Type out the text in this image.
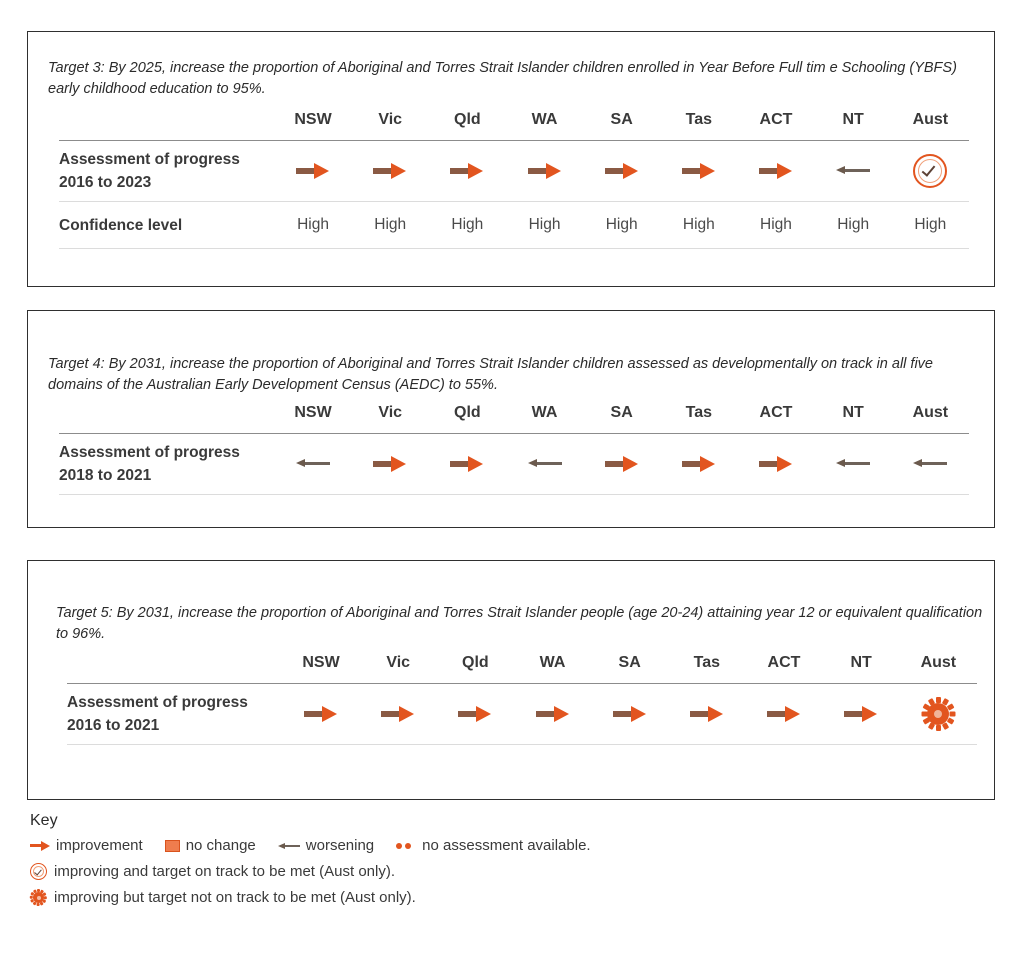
Target 3: By 2025, increase the proportion of Aboriginal and Torres Strait Islander children enrolled in Year Before Full tim e Schooling (YBFS) early childhood education to 95%.
	NSW	Vic	Qld	WA	SA	Tas	ACT	NT	Aust

Assessment of progress
2016 to 2023	

Confidence level	High	High	High	High	High	High	High	High	High

Target 4: By 2031, increase the proportion of Aboriginal and Torres Strait Islander children assessed as developmentally on track in all five domains of the Australian Early Development Census (AEDC) to 55%.
	NSW	Vic	Qld	WA	SA	Tas	ACT	NT	Aust

Assessment of progress
2018 to 2021	

Target 5: By 2031, increase the proportion of Aboriginal and Torres Strait Islander people (age 20-24) attaining year 12 or equivalent qualification to 96%.
	NSW	Vic	Qld	WA	SA	Tas	ACT	NT	Aust

Assessment of progress
2016 to 2021	

Key
improvement	no change	worsening	no assessment available.
improving and target on track to be met (Aust only).
improving but target not on track to be met (Aust only).
